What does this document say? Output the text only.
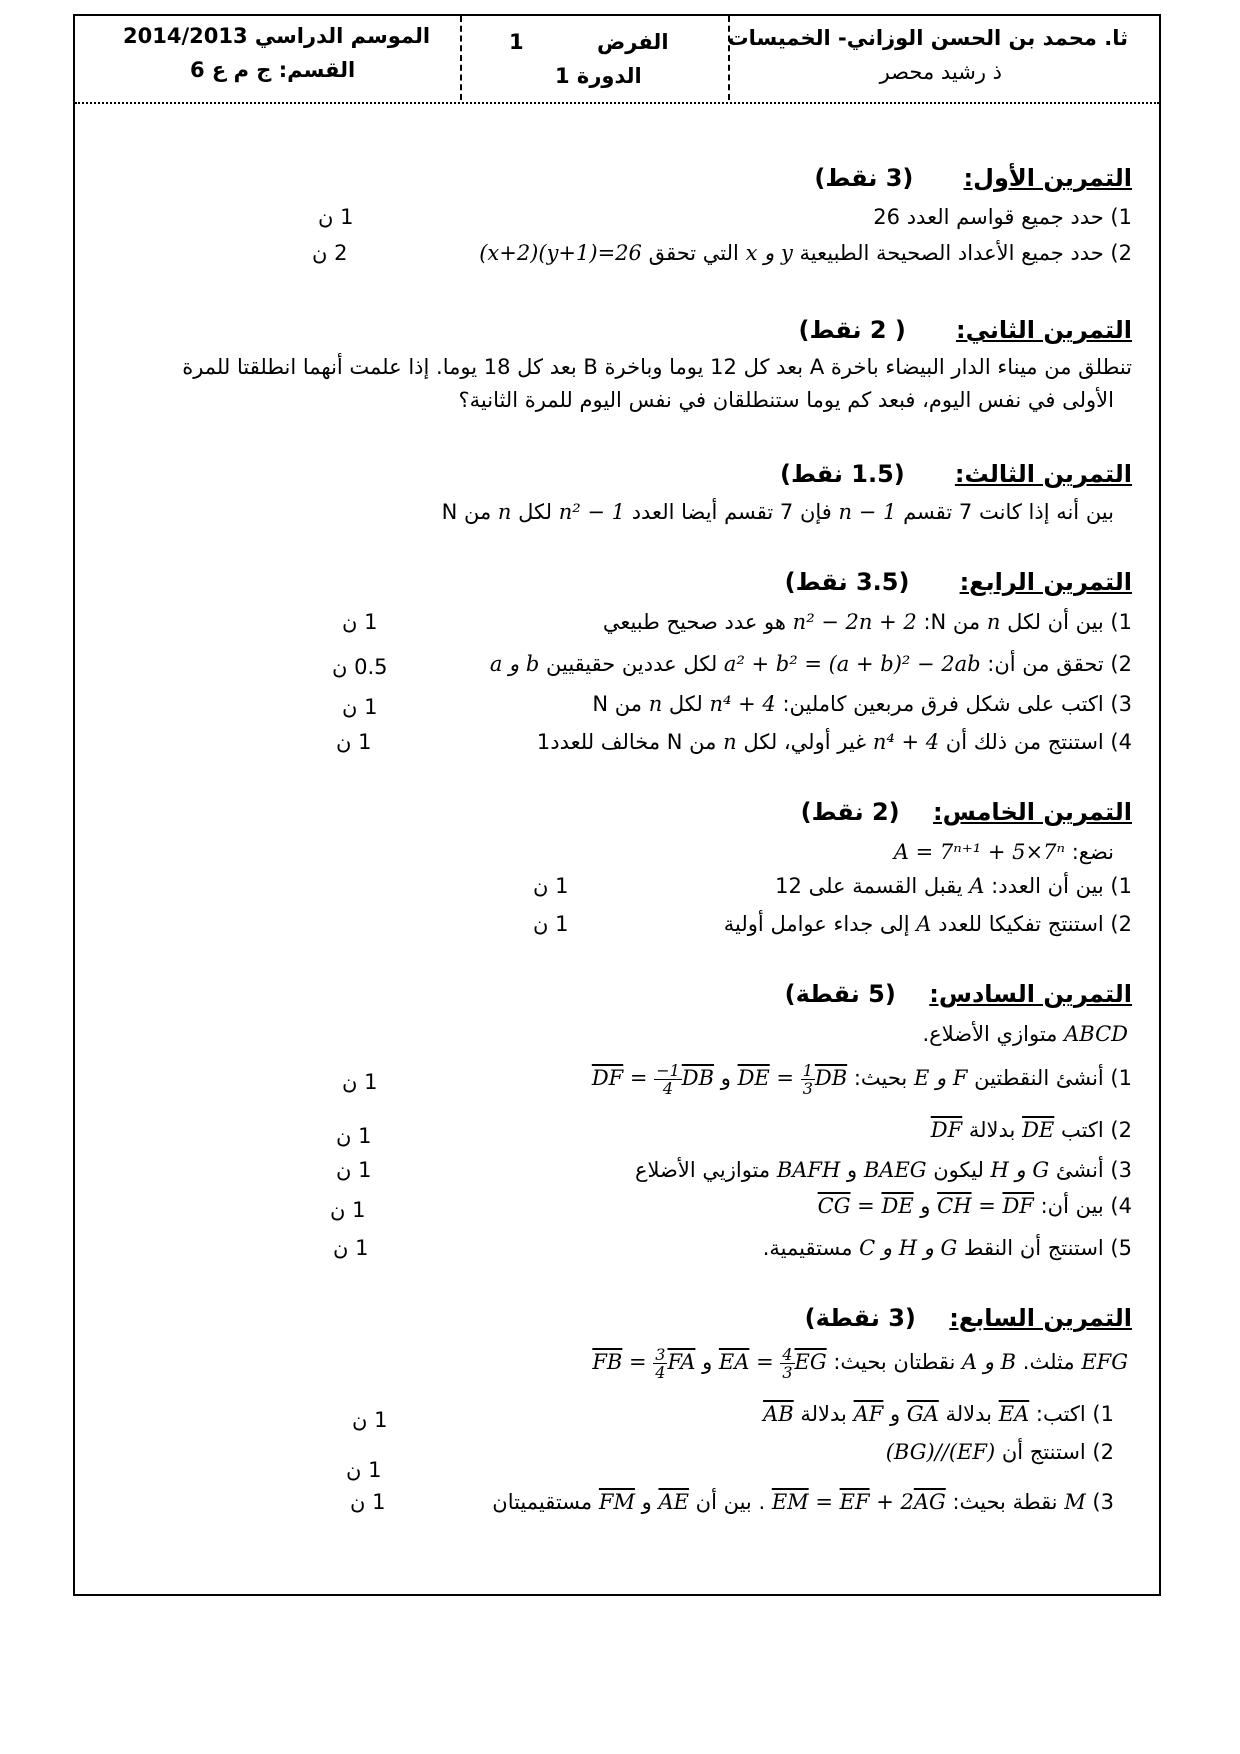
ثا. محمد بن الحسن الوزاني- الخميسات
ذ رشيد محصر
الفرض
1
الدورة 1
الموسم الدراسي 2014/2013
القسم: ج م ع 6
التمرين الأول:      (3 نقط)
1) حدد جميع قواسم العدد 26
1 ن
2) حدد جميع الأعداد الصحيحة الطبيعية x و y التي تحقق (x+2)(y+1)=26
2 ن
التمرين الثاني:      ( 2 نقط)
تنطلق من ميناء الدار البيضاء باخرة A بعد كل 12 يوما وباخرة B بعد كل 18 يوما. إذا علمت أنهما انطلقتا للمرة
الأولى في نفس اليوم، فبعد كم يوما ستنطلقان في نفس اليوم للمرة الثانية؟
التمرين الثالث:      (1.5 نقط)
بين أنه إذا كانت 7 تقسم n − 1 فإن 7 تقسم أيضا العدد n² − 1 لكل n من N
التمرين الرابع:      (3.5 نقط)
1) بين أن لكل n من N: n² − 2n + 2 هو عدد صحيح طبيعي
1 ن
2) تحقق من أن: a² + b² = (a + b)² − 2ab لكل عددين حقيقيين a و b
0.5 ن
3) اكتب على شكل فرق مربعين كاملين: n⁴ + 4 لكل n من N
1 ن
4) استنتج من ذلك أن n⁴ + 4 غير أولي، لكل n من N مخالف للعدد1
1 ن
التمرين الخامس:    (2 نقط)
نضع: A = 7ⁿ⁺¹ + 5×7ⁿ
1) بين أن العدد: A يقبل القسمة على 12
1 ن
2) استنتج تفكيكا للعدد A إلى جداء عوامل أولية
1 ن
التمرين السادس:    (5 نقطة)
ABCD متوازي الأضلاع.
1) أنشئ النقطتين E و F بحيث: $\overline{DE} = \frac{1}{3} \overline{DB}$ و $\overline{DF} = \frac{-1}{4} \overline{DB}$
1 ن
2) اكتب $\overline{DE}$ بدلالة $\overline{DF}$
1 ن
3) أنشئ H و G ليكون BAEG و BAFH متوازيي الأضلاع
1 ن
4) بين أن: $\overline{CH} = \overline{DF}$ و $\overline{CG} = \overline{DE}$
1 ن
5) استنتج أن النقط C و H و G مستقيمية.
1 ن
التمرين السابع:    (3 نقطة)
EFG مثلث. A و B نقطتان بحيث: $\overline{EA} = \frac{4}{3} \overline{EG}$ و $\overline{FB} = \frac{3}{4} \overline{FA}$
1) اكتب: $\overline{EA}$ بدلالة $\overline{GA}$ و $\overline{AF}$ بدلالة $\overline{AB}$
1 ن
2) استنتج أن (BG)//(EF)
1 ن
3) M نقطة بحيث: $\overline{EM} = \overline{EF} + 2\overline{AG}$ . بين أن $\overline{AE}$ و $\overline{FM}$ مستقيميتان
1 ن
